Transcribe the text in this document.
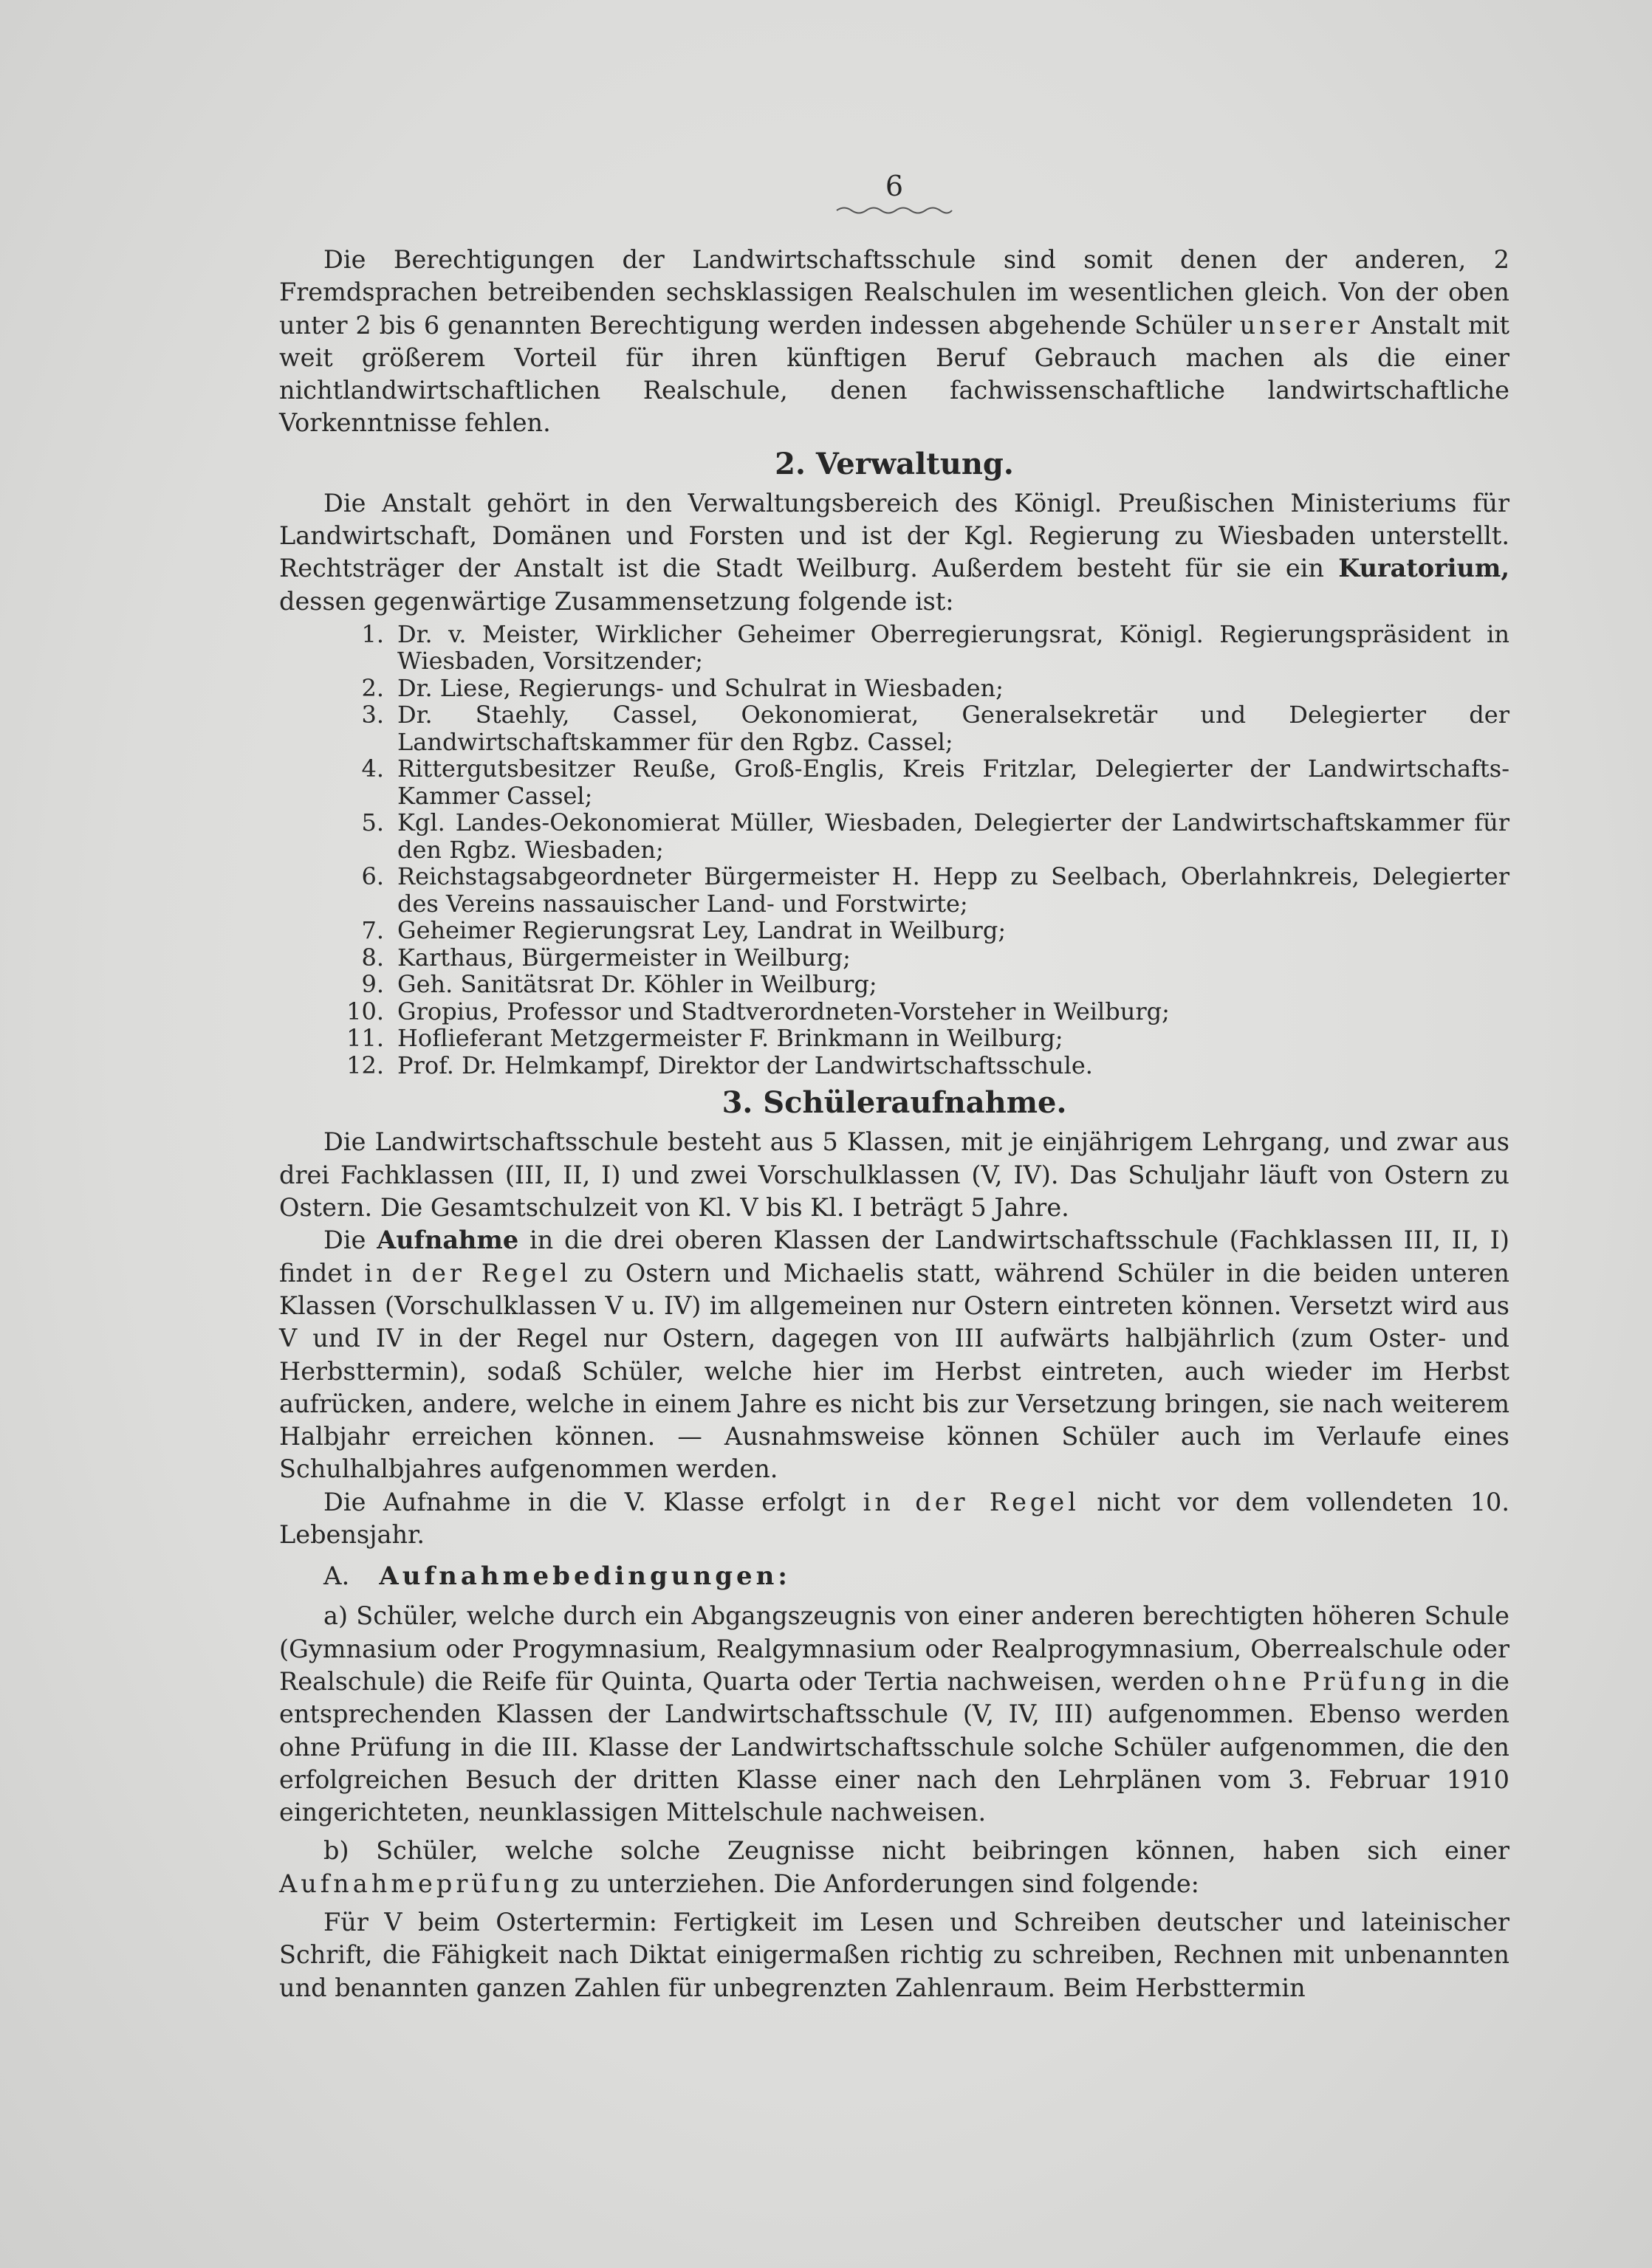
6

Die Berechtigungen der Landwirtschaftsschule sind somit denen der anderen, 2 Fremdsprachen betreibenden sechsklassigen Realschulen im wesentlichen gleich. Von der oben unter 2 bis 6 genannten Berechtigung werden indessen abgehende Schüler unserer Anstalt mit weit größerem Vorteil für ihren künftigen Beruf Gebrauch machen als die einer nichtlandwirtschaftlichen Realschule, denen fachwissenschaftliche landwirtschaftliche Vorkenntnisse fehlen.

2. Verwaltung.

Die Anstalt gehört in den Verwaltungsbereich des Königl. Preußischen Ministeriums für Landwirtschaft, Domänen und Forsten und ist der Kgl. Regierung zu Wiesbaden unterstellt. Rechtsträger der Anstalt ist die Stadt Weilburg. Außerdem besteht für sie ein Kuratorium, dessen gegenwärtige Zusammensetzung folgende ist:

1. Dr. v. Meister, Wirklicher Geheimer Oberregierungsrat, Königl. Regierungspräsident in Wiesbaden, Vorsitzender;
2. Dr. Liese, Regierungs- und Schulrat in Wiesbaden;
3. Dr. Staehly, Cassel, Oekonomierat, Generalsekretär und Delegierter der Landwirtschaftskammer für den Rgbz. Cassel;
4. Rittergutsbesitzer Reuße, Groß-Englis, Kreis Fritzlar, Delegierter der Landwirtschafts-Kammer Cassel;
5. Kgl. Landes-Oekonomierat Müller, Wiesbaden, Delegierter der Landwirtschaftskammer für den Rgbz. Wiesbaden;
6. Reichstagsabgeordneter Bürgermeister H. Hepp zu Seelbach, Oberlahnkreis, Delegierter des Vereins nassauischer Land- und Forstwirte;
7. Geheimer Regierungsrat Ley, Landrat in Weilburg;
8. Karthaus, Bürgermeister in Weilburg;
9. Geh. Sanitätsrat Dr. Köhler in Weilburg;
10. Gropius, Professor und Stadtverordneten-Vorsteher in Weilburg;
11. Hoflieferant Metzgermeister F. Brinkmann in Weilburg;
12. Prof. Dr. Helmkampf, Direktor der Landwirtschaftsschule.
3. Schüleraufnahme.

Die Landwirtschaftsschule besteht aus 5 Klassen, mit je einjährigem Lehrgang, und zwar aus drei Fachklassen (III, II, I) und zwei Vorschulklassen (V, IV). Das Schuljahr läuft von Ostern zu Ostern. Die Gesamtschulzeit von Kl. V bis Kl. I beträgt 5 Jahre.

Die Aufnahme in die drei oberen Klassen der Landwirtschaftsschule (Fachklassen III, II, I) findet in der Regel zu Ostern und Michaelis statt, während Schüler in die beiden unteren Klassen (Vorschulklassen V u. IV) im allgemeinen nur Ostern eintreten können. Versetzt wird aus V und IV in der Regel nur Ostern, dagegen von III aufwärts halbjährlich (zum Oster- und Herbsttermin), sodaß Schüler, welche hier im Herbst eintreten, auch wieder im Herbst aufrücken, andere, welche in einem Jahre es nicht bis zur Versetzung bringen, sie nach weiterem Halbjahr erreichen können. — Ausnahmsweise können Schüler auch im Verlaufe eines Schulhalbjahres aufgenommen werden.

Die Aufnahme in die V. Klasse erfolgt in der Regel nicht vor dem vollendeten 10. Lebensjahr.

A. Aufnahmebedingungen:

a) Schüler, welche durch ein Abgangszeugnis von einer anderen berechtigten höheren Schule (Gymnasium oder Progymnasium, Realgymnasium oder Realprogymnasium, Oberrealschule oder Realschule) die Reife für Quinta, Quarta oder Tertia nachweisen, werden ohne Prüfung in die entsprechenden Klassen der Landwirtschaftsschule (V, IV, III) aufgenommen. Ebenso werden ohne Prüfung in die III. Klasse der Landwirtschaftsschule solche Schüler aufgenommen, die den erfolgreichen Besuch der dritten Klasse einer nach den Lehrplänen vom 3. Februar 1910 eingerichteten, neunklassigen Mittelschule nachweisen.

b) Schüler, welche solche Zeugnisse nicht beibringen können, haben sich einer Aufnahmeprüfung zu unterziehen. Die Anforderungen sind folgende:

Für V beim Ostertermin: Fertigkeit im Lesen und Schreiben deutscher und lateinischer Schrift, die Fähigkeit nach Diktat einigermaßen richtig zu schreiben, Rechnen mit unbenannten und benannten ganzen Zahlen für unbegrenzten Zahlenraum. Beim Herbsttermin
